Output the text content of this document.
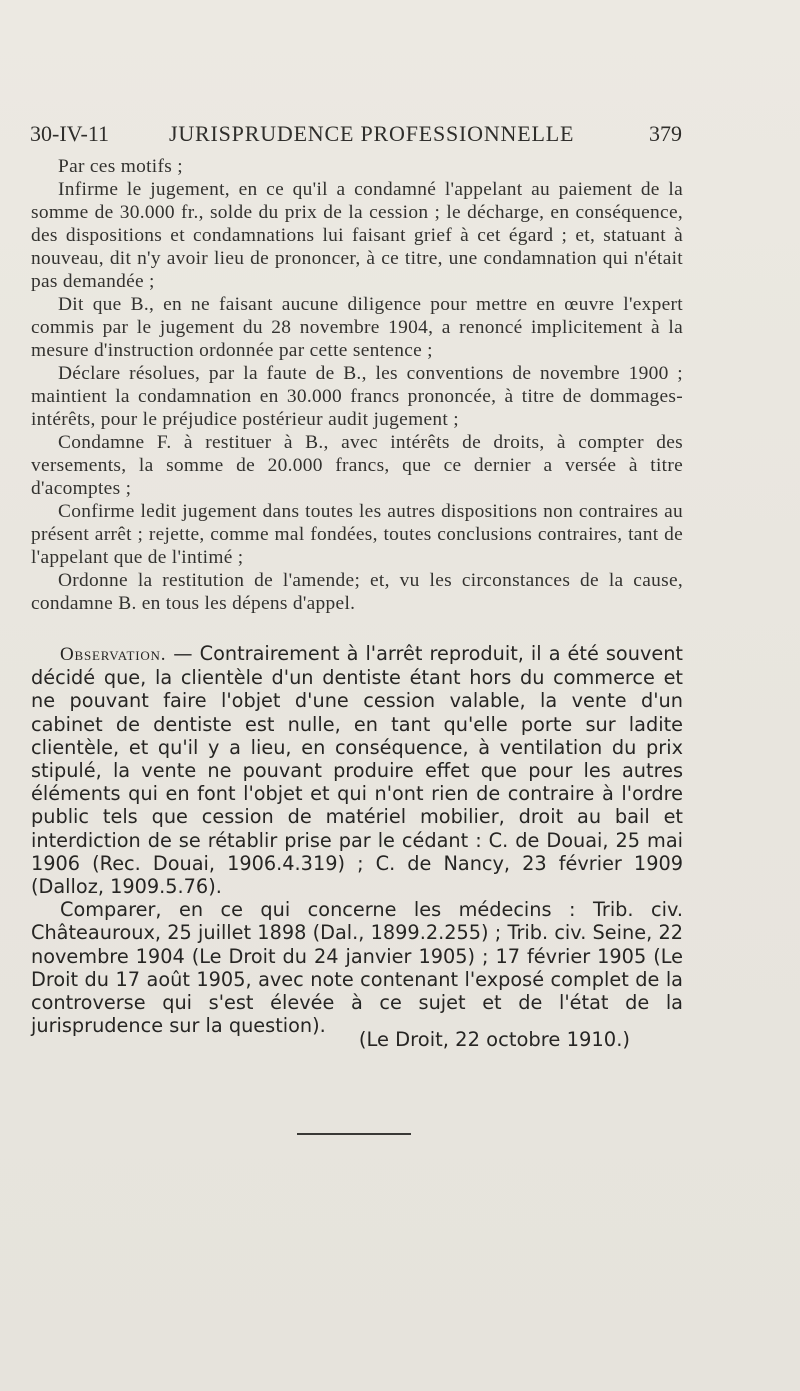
30-IV-11	JURISPRUDENCE PROFESSIONNELLE	379

Par ces motifs ;

Infirme le jugement, en ce qu'il a condamné l'appelant au paiement de la somme de 30.000 fr., solde du prix de la cession ; le décharge, en conséquence, des dispositions et condamnations lui faisant grief à cet égard ; et, statuant à nouveau, dit n'y avoir lieu de prononcer, à ce titre, une condamnation qui n'était pas demandée ;

Dit que B., en ne faisant aucune diligence pour mettre en œuvre l'expert commis par le jugement du 28 novembre 1904, a renoncé implicitement à la mesure d'instruction ordonnée par cette sentence ;

Déclare résolues, par la faute de B., les conventions de novembre 1900 ; maintient la condamnation en 30.000 francs prononcée, à titre de dommages-intérêts, pour le préjudice postérieur audit jugement ;

Condamne F. à restituer à B., avec intérêts de droits, à compter des versements, la somme de 20.000 francs, que ce dernier a versée à titre d'acomptes ;

Confirme ledit jugement dans toutes les autres dispositions non contraires au présent arrêt ; rejette, comme mal fondées, toutes conclusions contraires, tant de l'appelant que de l'intimé ;

Ordonne la restitution de l'amende; et, vu les circonstances de la cause, condamne B. en tous les dépens d'appel.

Observation. — Contrairement à l'arrêt reproduit, il a été souvent décidé que, la clientèle d'un dentiste étant hors du commerce et ne pouvant faire l'objet d'une cession valable, la vente d'un cabinet de dentiste est nulle, en tant qu'elle porte sur ladite clientèle, et qu'il y a lieu, en conséquence, à ventilation du prix stipulé, la vente ne pouvant produire effet que pour les autres éléments qui en font l'objet et qui n'ont rien de contraire à l'ordre public tels que cession de matériel mobilier, droit au bail et interdiction de se rétablir prise par le cédant : C. de Douai, 25 mai 1906 (Rec. Douai, 1906.4.319) ; C. de Nancy, 23 février 1909 (Dalloz, 1909.5.76).

Comparer, en ce qui concerne les médecins : Trib. civ. Châteauroux, 25 juillet 1898 (Dal., 1899.2.255) ; Trib. civ. Seine, 22 novembre 1904 (Le Droit du 24 janvier 1905) ; 17 février 1905 (Le Droit du 17 août 1905, avec note contenant l'exposé complet de la controverse qui s'est élevée à ce sujet et de l'état de la jurisprudence sur la question).

(Le Droit, 22 octobre 1910.)
